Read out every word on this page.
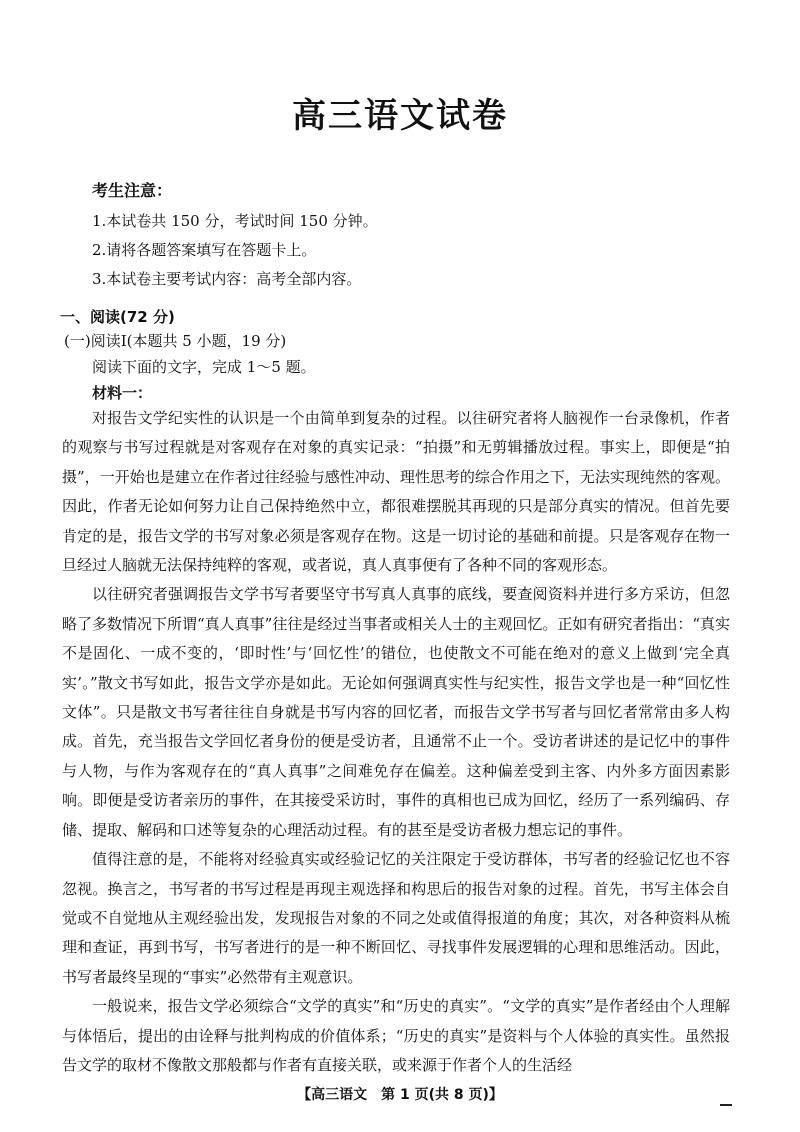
高三语文试卷
考生注意：
1.本试卷共 150 分，考试时间 150 分钟。
2.请将各题答案填写在答题卡上。
3.本试卷主要考试内容：高考全部内容。
一、阅读(72 分)
(一)阅读Ⅰ(本题共 5 小题，19 分)
阅读下面的文字，完成 1～5 题。
材料一：

对报告文学纪实性的认识是一个由简单到复杂的过程。以往研究者将人脑视作一台录像机，作者的观察与书写过程就是对客观存在对象的真实记录：“拍摄”和无剪辑播放过程。事实上，即便是“拍摄”，一开始也是建立在作者过往经验与感性冲动、理性思考的综合作用之下，无法实现纯然的客观。因此，作者无论如何努力让自己保持绝然中立，都很难摆脱其再现的只是部分真实的情况。但首先要肯定的是，报告文学的书写对象必须是客观存在物。这是一切讨论的基础和前提。只是客观存在物一旦经过人脑就无法保持纯粹的客观，或者说，真人真事便有了各种不同的客观形态。

以往研究者强调报告文学书写者要坚守书写真人真事的底线，要查阅资料并进行多方采访，但忽略了多数情况下所谓“真人真事”往往是经过当事者或相关人士的主观回忆。正如有研究者指出：“真实不是固化、一成不变的，‘即时性’与‘回忆性’的错位，也使散文不可能在绝对的意义上做到‘完全真实’。”散文书写如此，报告文学亦是如此。无论如何强调真实性与纪实性，报告文学也是一种“回忆性文体”。只是散文书写者往往自身就是书写内容的回忆者，而报告文学书写者与回忆者常常由多人构成。首先，充当报告文学回忆者身份的便是受访者，且通常不止一个。受访者讲述的是记忆中的事件与人物，与作为客观存在的“真人真事”之间难免存在偏差。这种偏差受到主客、内外多方面因素影响。即便是受访者亲历的事件，在其接受采访时，事件的真相也已成为回忆，经历了一系列编码、存储、提取、解码和口述等复杂的心理活动过程。有的甚至是受访者极力想忘记的事件。

值得注意的是，不能将对经验真实或经验记忆的关注限定于受访群体，书写者的经验记忆也不容忽视。换言之，书写者的书写过程是再现主观选择和构思后的报告对象的过程。首先，书写主体会自觉或不自觉地从主观经验出发，发现报告对象的不同之处或值得报道的角度；其次，对各种资料从梳理和查证，再到书写，书写者进行的是一种不断回忆、寻找事件发展逻辑的心理和思维活动。因此，书写者最终呈现的“事实”必然带有主观意识。

一般说来，报告文学必须综合“文学的真实”和“历史的真实”。“文学的真实”是作者经由个人理解与体悟后，提出的由诠释与批判构成的价值体系；“历史的真实”是资料与个人体验的真实性。虽然报告文学的取材不像散文那般都与作者有直接关联，或来源于作者个人的生活经

【高三语文　第 1 页(共 8 页)】
